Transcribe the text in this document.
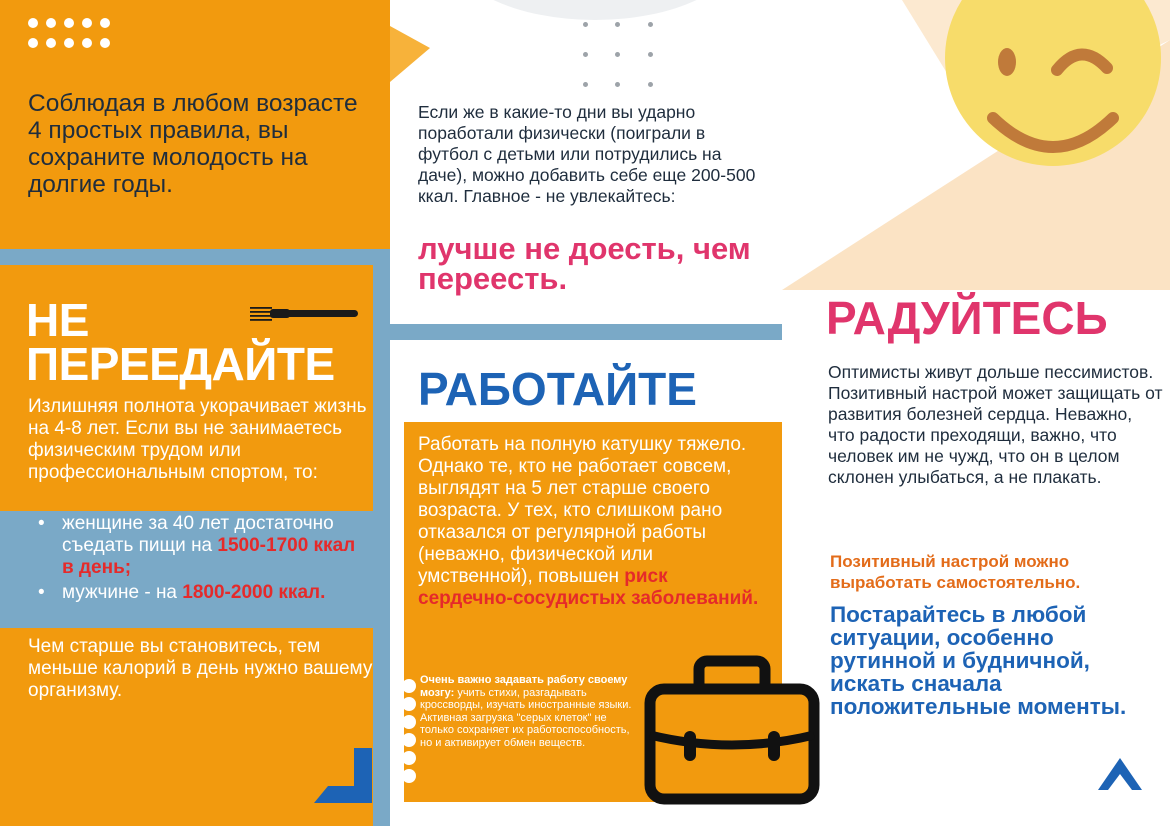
Соблюдая в любом возрасте 4 простых правила, вы сохраните молодость на долгие годы.
НЕ
ПЕРЕЕДАЙТЕ
Излишняя полнота укорачивает жизнь на 4-8 лет. Если вы не занимаетесь физическим трудом или профессиональным спортом, то:
• женщине за 40 лет достаточно съедать пищи на 1500-1700 ккал в день;
• мужчине - на 1800-2000 ккал.
Чем старше вы становитесь, тем меньше калорий в день нужно вашему организму.
Если же в какие-то дни вы ударно поработали физически (поиграли в футбол с детьми или потрудились на даче), можно добавить себе еще 200-500 ккал. Главное - не увлекайтесь:
лучше не доесть, чем переесть.
РАБОТАЙТЕ
Работать на полную катушку тяжело. Однако те, кто не работает совсем, выглядят на 5 лет старше своего возраста. У тех, кто слишком рано отказался от регулярной работы (неважно, физической или умственной), повышен риск сердечно-сосудистых заболеваний.
Очень важно задавать работу своему мозгу: учить стихи, разгадывать кроссворды, изучать иностранные языки. Активная загрузка "серых клеток" не только сохраняет их работоспособность, но и активирует обмен веществ.
РАДУЙТЕСЬ
Оптимисты живут дольше пессимистов. Позитивный настрой может защищать от развития болезней сердца. Неважно, что радости преходящи, важно, что человек им не чужд, что он в целом склонен улыбаться, а не плакать.
Позитивный настрой можно выработать самостоятельно.
Постарайтесь в любой ситуации, особенно рутинной и будничной, искать сначала положительные моменты.
